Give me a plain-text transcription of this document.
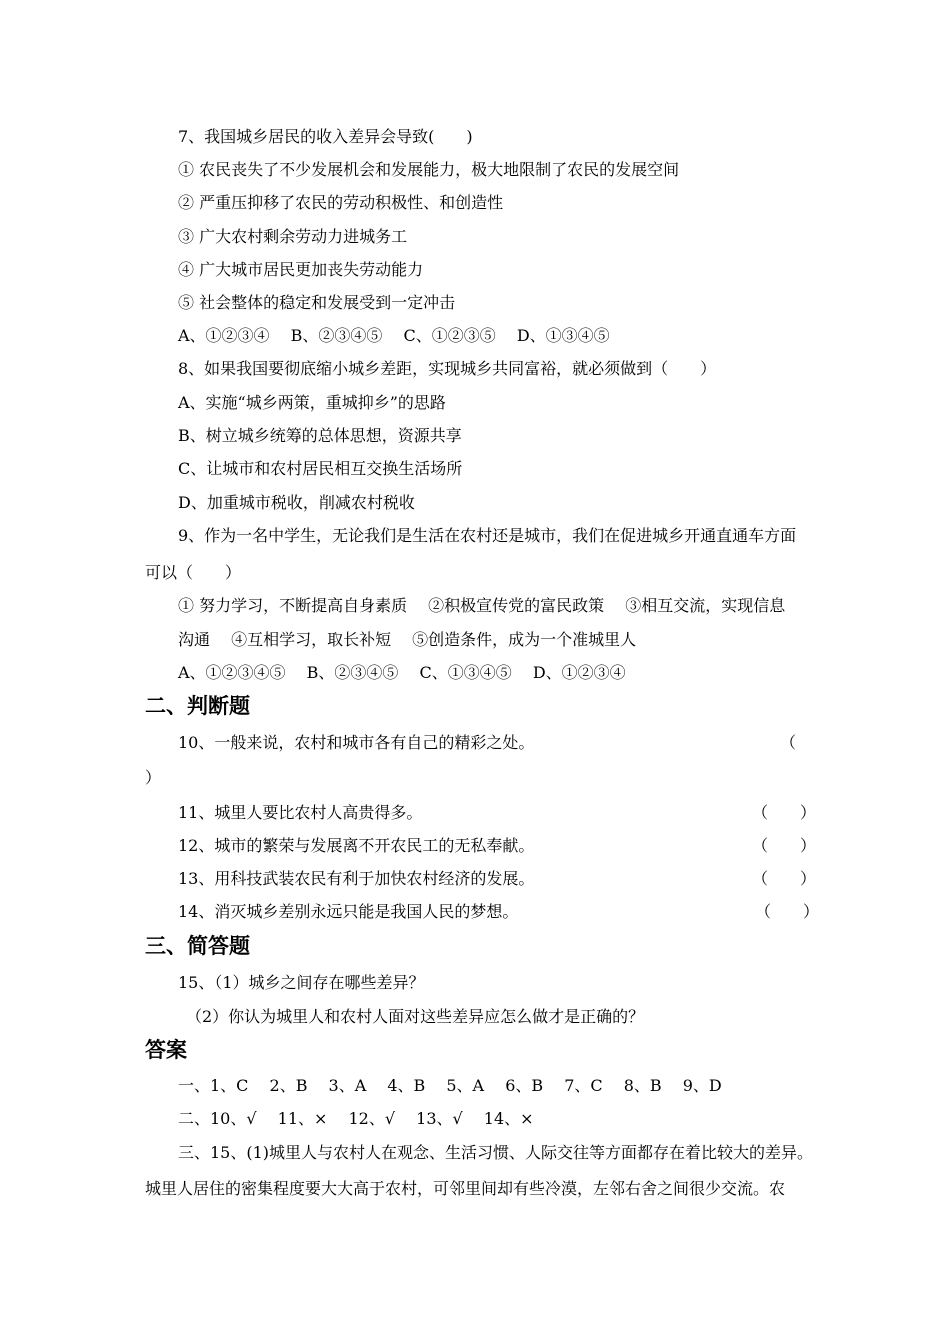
7、我国城乡居民的收入差异会导致(　　)
① 农民丧失了不少发展机会和发展能力，极大地限制了农民的发展空间
② 严重压抑移了农民的劳动积极性、和创造性
③ 广大农村剩余劳动力进城务工
④ 广大城市居民更加丧失劳动能力
⑤ 社会整体的稳定和发展受到一定冲击
A、①②③④　 B、②③④⑤　 C、①②③⑤　 D、①③④⑤
8、如果我国要彻底缩小城乡差距，实现城乡共同富裕，就必须做到（　　）
A、实施“城乡两策，重城抑乡”的思路
B、树立城乡统筹的总体思想，资源共享
C、让城市和农村居民相互交换生活场所
D、加重城市税收，削减农村税收
9、作为一名中学生，无论我们是生活在农村还是城市，我们在促进城乡开通直通车方面
可以（　　）
① 努力学习，不断提高自身素质　 ②积极宣传党的富民政策　 ③相互交流，实现信息
沟通　 ④互相学习，取长补短　 ⑤创造条件，成为一个准城里人
A、①②③④⑤　 B、②③④⑤　 C、①③④⑤　 D、①②③④
二、判断题
10、一般来说，农村和城市各有自己的精彩之处。	（
）
11、城里人要比农村人高贵得多。	（　　）
12、城市的繁荣与发展离不开农民工的无私奉献。	（　　）
13、用科技武装农民有利于加快农村经济的发展。	（　　）
14、消灭城乡差别永远只能是我国人民的梦想。	（　　）
三、简答题
15、（1）城乡之间存在哪些差异？
（2）你认为城里人和农村人面对这些差异应怎么做才是正确的？
答案
一、1、C　 2、B　 3、A　 4、B　 5、A　 6、B　 7、C　 8、B　 9、D
二、10、√　 11、×　 12、√　 13、√　 14、×
三、15、(1)城里人与农村人在观念、生活习惯、人际交往等方面都存在着比较大的差异。
城里人居住的密集程度要大大高于农村，可邻里间却有些冷漠，左邻右舍之间很少交流。农
